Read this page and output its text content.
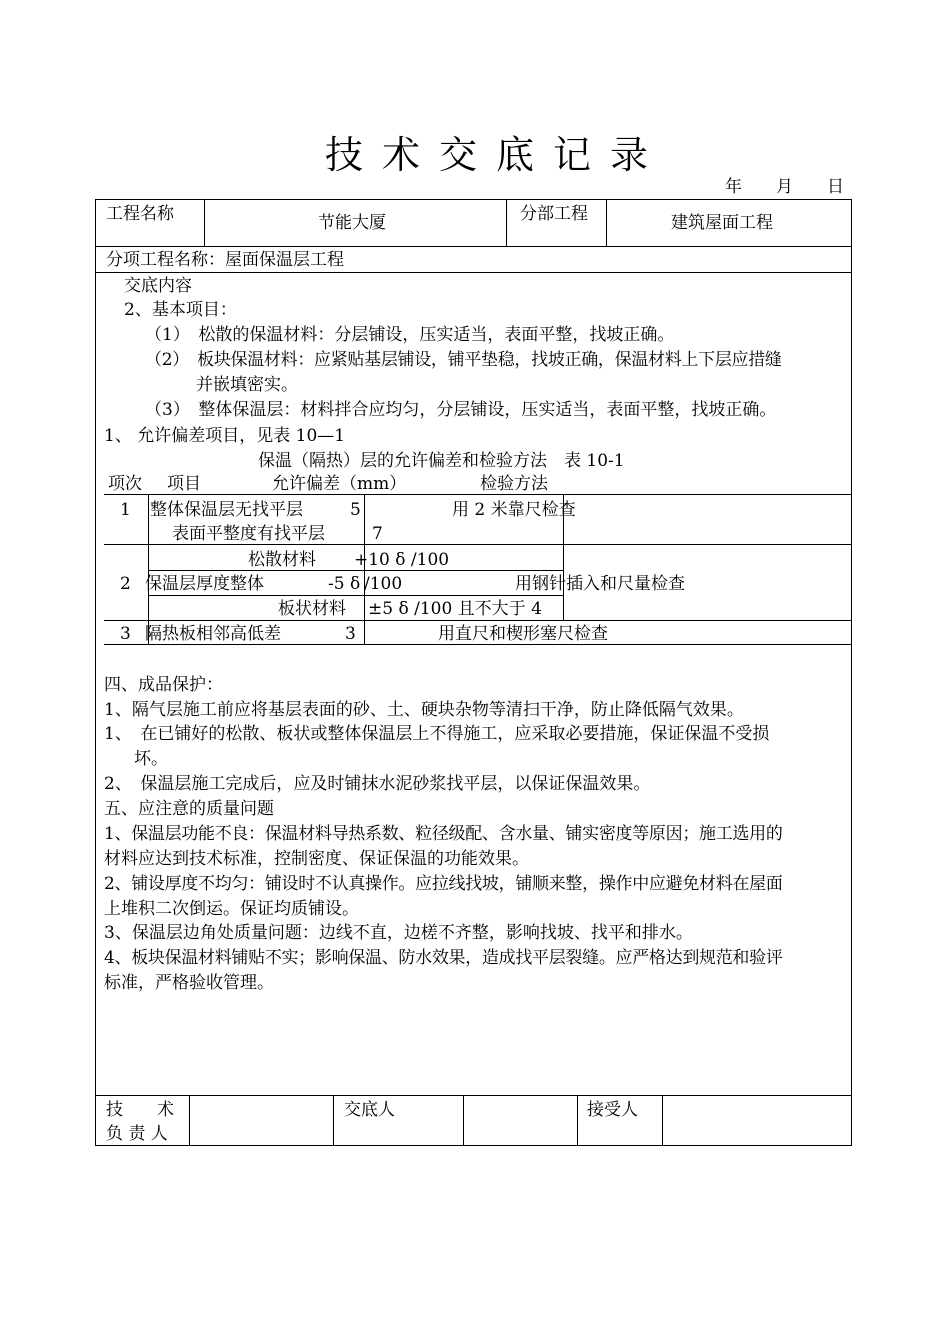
技术交底记录
年　　月　　日
工程名称	节能大厦	分部工程	建筑屋面工程
分项工程名称：屋面保温层工程
交底内容
2、基本项目：
（1）　松散的保温材料：分层铺设，压实适当，表面平整，找坡正确。
（2）　板块保温材料：应紧贴基层铺设，铺平垫稳，找坡正确，保温材料上下层应措缝
并嵌填密实。
（3）　整体保温层：材料拌合应均匀，分层铺设，压实适当，表面平整，找坡正确。
1、 允许偏差项目，见表 10—1
保温（隔热）层的允许偏差和检验方法　表 10-1
项次 项目	允许偏差（mm）	检验方法
1 整体保温层无找平层	5	用 2 米靠尺检查
表面平整度有找平层	7
松散材料 +10 δ /100
2 保温层厚度整体	-5 δ /100	用钢针插入和尺量检查
板状材料 ±5 δ /100 且不大于 4
3 隔热板相邻高低差	3	用直尺和楔形塞尺检查
四、成品保护：
1、隔气层施工前应将基层表面的砂、土、硬块杂物等清扫干净，防止降低隔气效果。
1、　在已铺好的松散、板状或整体保温层上不得施工，应采取必要措施，保证保温不受损
坏。
2、　保温层施工完成后，应及时铺抹水泥砂浆找平层，以保证保温效果。
五、应注意的质量问题
1、保温层功能不良：保温材料导热系数、粒径级配、含水量、铺实密度等原因；施工选用的
材料应达到技术标准，控制密度、保证保温的功能效果。
2、铺设厚度不均匀：铺设时不认真操作。应拉线找坡，铺顺来整，操作中应避免材料在屋面
上堆积二次倒运。保证均质铺设。
3、保温层边角处质量问题：边线不直，边槎不齐整，影响找坡、找平和排水。
4、板块保温材料铺贴不实；影响保温、防水效果，造成找平层裂缝。应严格达到规范和验评
标准，严格验收管理。
技　　术
负 责 人
交底人	接受人
